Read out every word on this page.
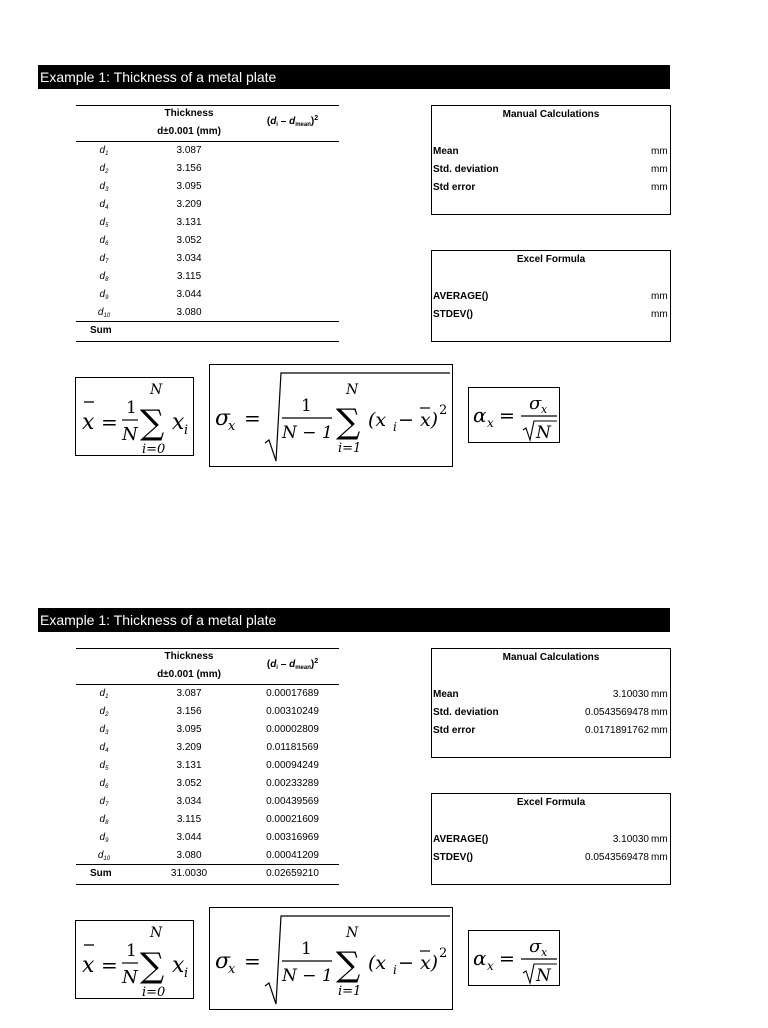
Example 1: Thickness of a metal plate
Thickness
d±0.001 (mm)
$(d_i - d_{mean})^2$
$d_1$	3.087
$d_2$	3.156
$d_3$	3.095
$d_4$	3.209
$d_5$	3.131
$d_6$	3.052
$d_7$	3.034
$d_8$	3.115
$d_9$	3.044
$d_{10}$	3.080
Sum
Manual Calculations
Mean	mm
Std. deviation	mm
Std error	mm
Excel Formula
AVERAGE()	mm
STDEV()	mm
x =
1
N
N
∑
i=0
x i σ
x = 1
N − 1
N
∑
i=1
(x i − x) 2 α x =
σ x
N
Example 1: Thickness of a metal plate
Thickness
d±0.001 (mm)
$(d_i - d_{mean})^2$
$d_1$	3.087	0.00017689
$d_2$	3.156	0.00310249
$d_3$	3.095	0.00002809
$d_4$	3.209	0.01181569
$d_5$	3.131	0.00094249
$d_6$	3.052	0.00233289
$d_7$	3.034	0.00439569
$d_8$	3.115	0.00021609
$d_9$	3.044	0.00316969
$d_{10}$	3.080	0.00041209
Sum	31.0030	0.02659210
Manual Calculations
Mean	3.10030 mm
Std. deviation	0.0543569478 mm
Std error	0.0171891762 mm
Excel Formula
AVERAGE()	3.10030 mm
STDEV()	0.0543569478 mm
x =
1
N
N
∑
i=0
x i σ
x = 1
N − 1
N
∑
i=1
(x i − x) 2 α x =
σ x
N
